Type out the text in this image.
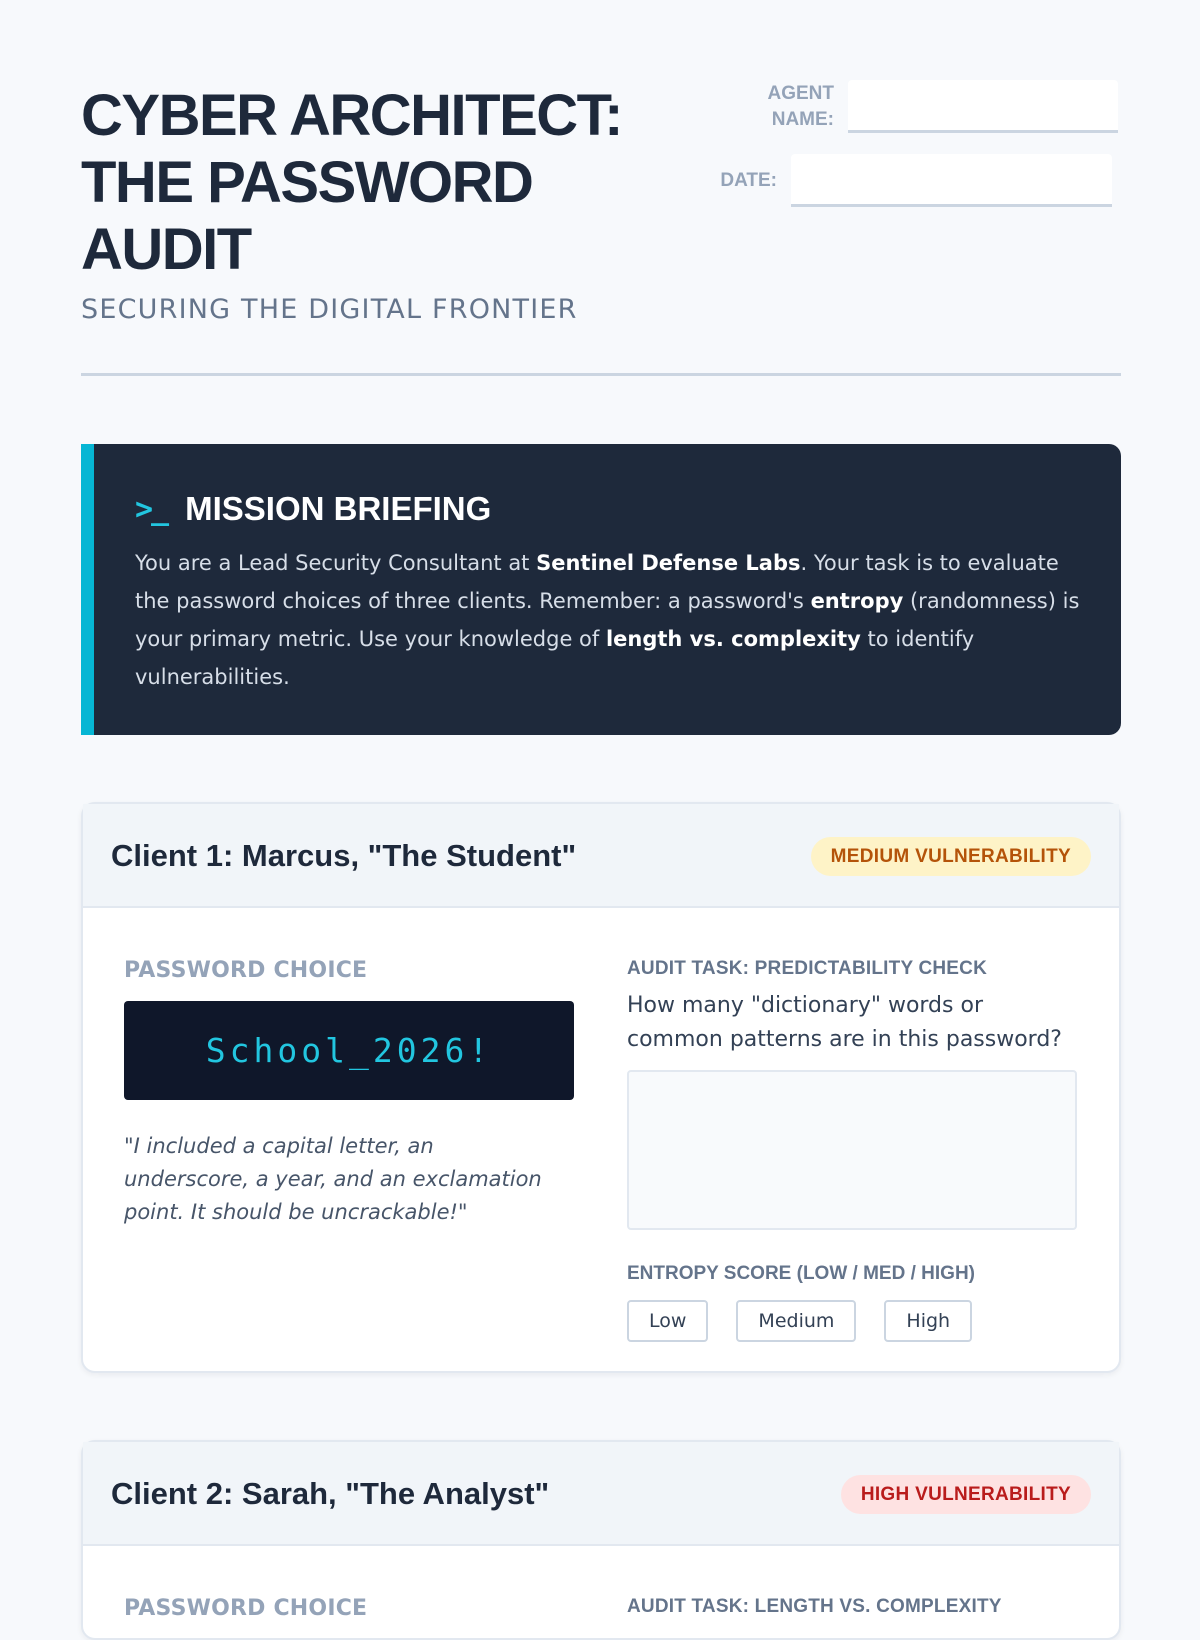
CYBER ARCHITECT:
THE PASSWORD
AUDIT
SECURING THE DIGITAL FRONTIER
AGENT
NAME:
DATE:
>_ MISSION BRIEFING

You are a Lead Security Consultant at Sentinel Defense Labs. Your task is to evaluate the password choices of three clients. Remember: a password's entropy (randomness) is your primary metric. Use your knowledge of length vs. complexity to identify vulnerabilities.

Client 1: Marcus, "The Student"	MEDIUM VULNERABILITY
PASSWORD CHOICE
School_2026!

"I included a capital letter, an underscore, a year, and an exclamation point. It should be uncrackable!"

AUDIT TASK: PREDICTABILITY CHECK

How many "dictionary" words or common patterns are in this password?

ENTROPY SCORE (LOW / MED / HIGH)
Low	Medium	High
Client 2: Sarah, "The Analyst"	HIGH VULNERABILITY
PASSWORD CHOICE	AUDIT TASK: LENGTH VS. COMPLEXITY
